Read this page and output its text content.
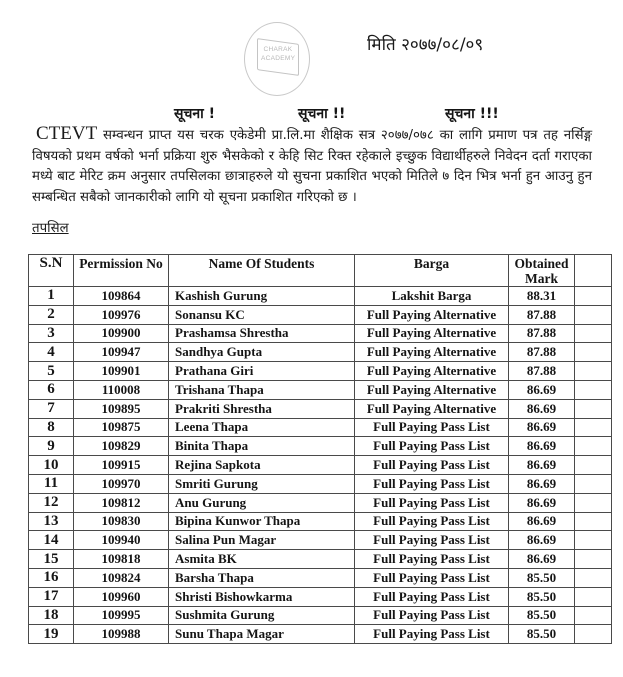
CHARAK ACADEMY
मिति २०७७/०८/०९
सूचना !	सूचना !!	सूचना !!!
CTEVT सम्वन्धन प्राप्त यस चरक एकेडेमी प्रा.लि.मा शैक्षिक सत्र २०७७/०७८ का लागि प्रमाण पत्र तह नर्सिङ्ग विषयको प्रथम वर्षको भर्ना प्रक्रिया शुरु भैसकेको र केहि सिट रिक्त रहेकाले इच्छुक विद्यार्थीहरुले निवेदन दर्ता गराएका मध्ये बाट मेरिट क्रम अनुसार तपसिलका छात्राहरुले यो सुचना प्रकाशित भएको मितिले ७ दिन भित्र भर्ना हुन आउनु हुन सम्बन्धित सबैको जानकारीको लागि यो सूचना प्रकाशित गरिएको छ ।
तपसिल
S.N	Permission No	Name Of Students	Barga	Obtained Mark	
1	109864	Kashish Gurung	Lakshit Barga	88.31	
2	109976	Sonansu KC	Full Paying Alternative	87.88	
3	109900	Prashamsa Shrestha	Full Paying Alternative	87.88	
4	109947	Sandhya Gupta	Full Paying Alternative	87.88	
5	109901	Prathana Giri	Full Paying Alternative	87.88	
6	110008	Trishana Thapa	Full Paying Alternative	86.69	
7	109895	Prakriti Shrestha	Full Paying Alternative	86.69	
8	109875	Leena Thapa	Full Paying Pass List	86.69	
9	109829	Binita Thapa	Full Paying Pass List	86.69	
10	109915	Rejina Sapkota	Full Paying Pass List	86.69	
11	109970	Smriti Gurung	Full Paying Pass List	86.69	
12	109812	Anu Gurung	Full Paying Pass List	86.69	
13	109830	Bipina Kunwor Thapa	Full Paying Pass List	86.69	
14	109940	Salina Pun Magar	Full Paying Pass List	86.69	
15	109818	Asmita BK	Full Paying Pass List	86.69	
16	109824	Barsha Thapa	Full Paying Pass List	85.50	
17	109960	Shristi Bishowkarma	Full Paying Pass List	85.50	
18	109995	Sushmita Gurung	Full Paying Pass List	85.50	
19	109988	Sunu Thapa Magar	Full Paying Pass List	85.50	
